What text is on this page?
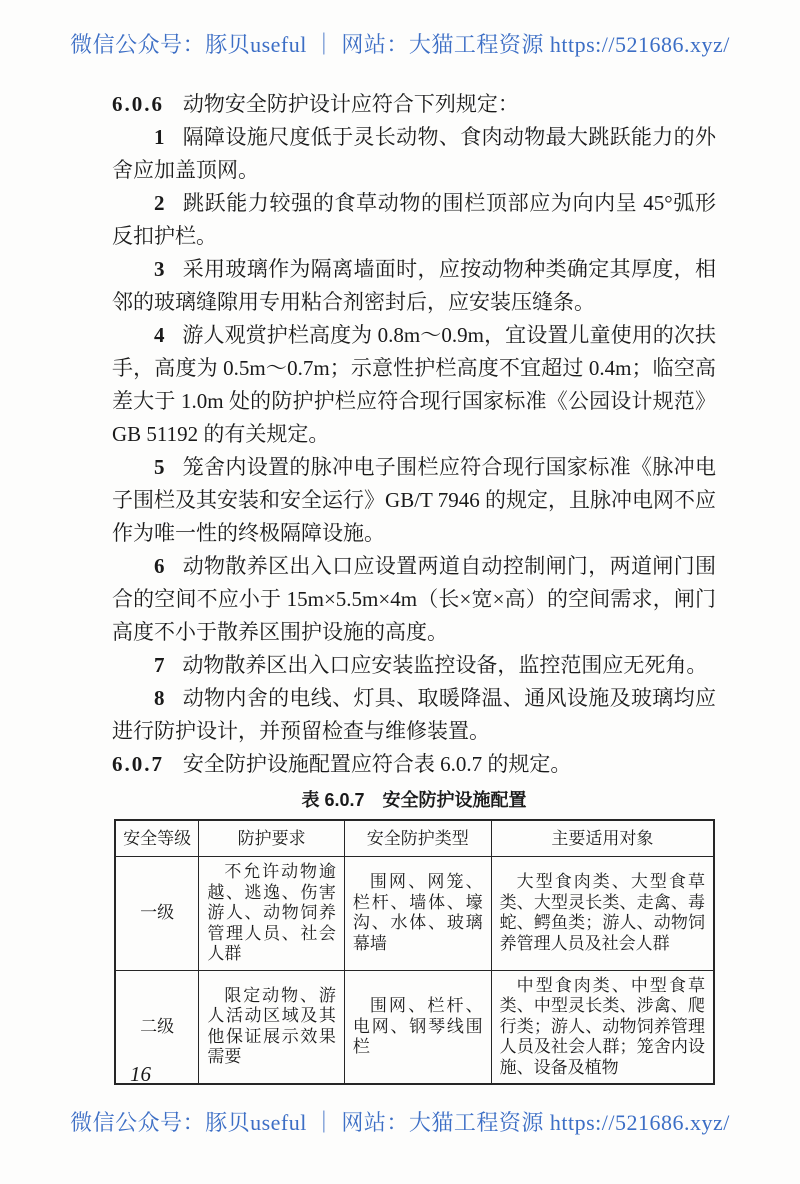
微信公众号：豚贝useful ｜ 网站：大猫工程资源 https://521686.xyz/

6.0.6 动物安全防护设计应符合下列规定：

1 隔障设施尺度低于灵长动物、食肉动物最大跳跃能力的外舍应加盖顶网。

2 跳跃能力较强的食草动物的围栏顶部应为向内呈 45°弧形反扣护栏。

3 采用玻璃作为隔离墙面时，应按动物种类确定其厚度，相邻的玻璃缝隙用专用粘合剂密封后，应安装压缝条。

4 游人观赏护栏高度为 0.8m～0.9m，宜设置儿童使用的次扶手，高度为 0.5m～0.7m；示意性护栏高度不宜超过 0.4m；临空高差大于 1.0m 处的防护护栏应符合现行国家标准《公园设计规范》GB 51192 的有关规定。

5 笼舍内设置的脉冲电子围栏应符合现行国家标准《脉冲电子围栏及其安装和安全运行》GB/T 7946 的规定，且脉冲电网不应作为唯一性的终极隔障设施。

6 动物散养区出入口应设置两道自动控制闸门，两道闸门围合的空间不应小于 15m×5.5m×4m（长×宽×高）的空间需求，闸门高度不小于散养区围护设施的高度。

7 动物散养区出入口应安装监控设备，监控范围应无死角。

8 动物内舍的电线、灯具、取暖降温、通风设施及玻璃均应进行防护设计，并预留检查与维修装置。

6.0.7 安全防护设施配置应符合表 6.0.7 的规定。

表 6.0.7　安全防护设施配置
安全等级	防护要求	安全防护类型	主要适用对象
一级	不允许动物逾越、逃逸、伤害游人、动物饲养管理人员、社会人群	围网、网笼、栏杆、墙体、壕沟、水体、玻璃幕墙	大型食肉类、大型食草类、大型灵长类、走禽、毒蛇、鳄鱼类；游人、动物饲养管理人员及社会人群
二级	限定动物、游人活动区域及其他保证展示效果需要	围网、栏杆、电网、钢琴线围栏	中型食肉类、中型食草类、中型灵长类、涉禽、爬行类；游人、动物饲养管理人员及社会人群；笼舍内设施、设备及植物
16
微信公众号：豚贝useful ｜ 网站：大猫工程资源 https://521686.xyz/
